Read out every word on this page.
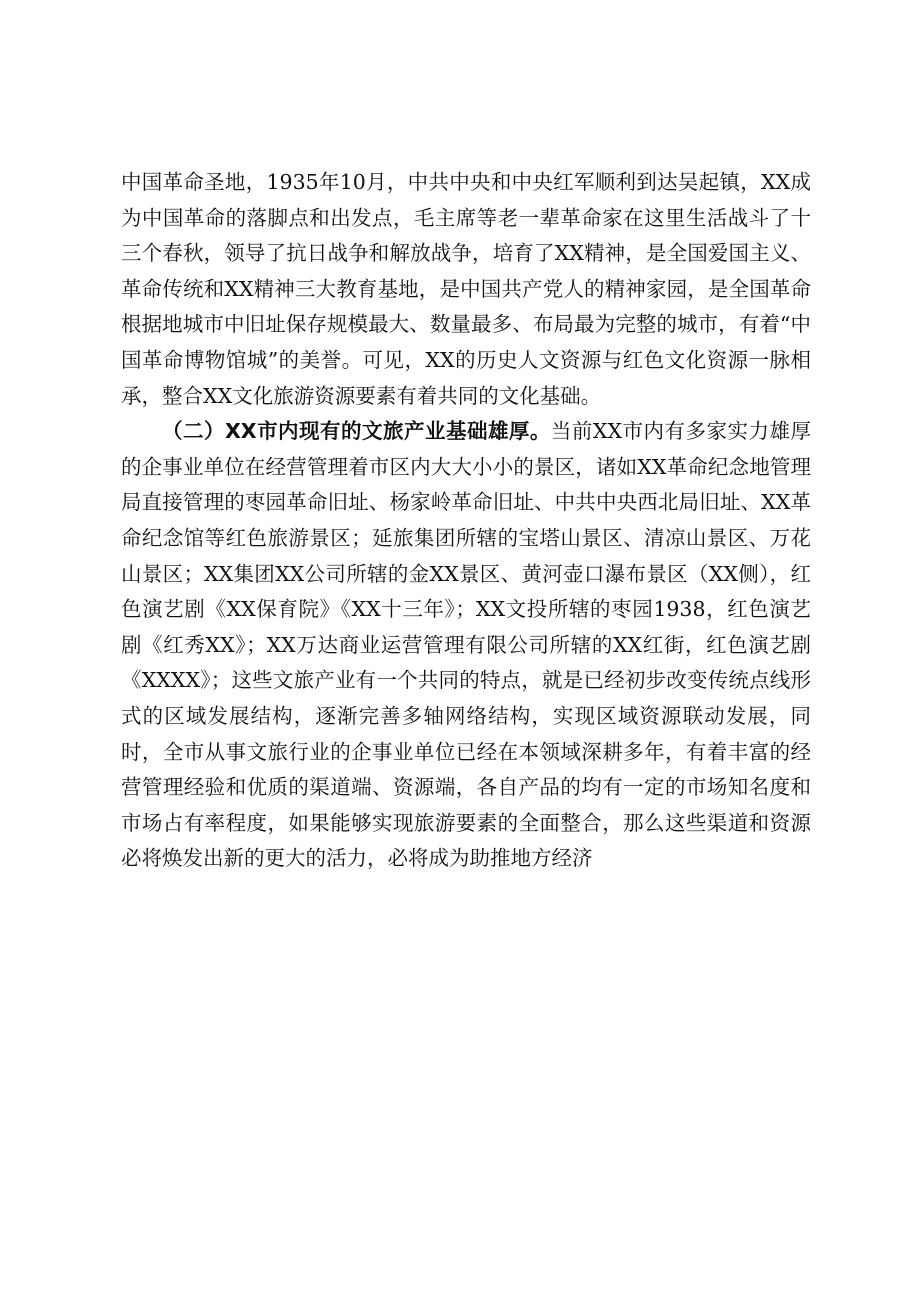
中国革命圣地，1935年10月，中共中央和中央红军顺利到达吴起镇，XX成为中国革命的落脚点和出发点，毛主席等老一辈革命家在这里生活战斗了十三个春秋，领导了抗日战争和解放战争，培育了XX精神，是全国爱国主义、革命传统和XX精神三大教育基地，是中国共产党人的精神家园，是全国革命根据地城市中旧址保存规模最大、数量最多、布局最为完整的城市，有着“中国革命博物馆城”的美誉。可见，XX的历史人文资源与红色文化资源一脉相承，整合XX文化旅游资源要素有着共同的文化基础。

（二）XX市内现有的文旅产业基础雄厚。当前XX市内有多家实力雄厚的企事业单位在经营管理着市区内大大小小的景区，诸如XX革命纪念地管理局直接管理的枣园革命旧址、杨家岭革命旧址、中共中央西北局旧址、XX革命纪念馆等红色旅游景区；延旅集团所辖的宝塔山景区、清凉山景区、万花山景区；XX集团XX公司所辖的金XX景区、黄河壶口瀑布景区（XX侧），红色演艺剧《XX保育院》《XX十三年》；XX文投所辖的枣园1938，红色演艺剧《红秀XX》；XX万达商业运营管理有限公司所辖的XX红街，红色演艺剧《XXXX》；这些文旅产业有一个共同的特点，就是已经初步改变传统点线形式的区域发展结构，逐渐完善多轴网络结构，实现区域资源联动发展，同时，全市从事文旅行业的企事业单位已经在本领域深耕多年，有着丰富的经营管理经验和优质的渠道端、资源端，各自产品的均有一定的市场知名度和市场占有率程度，如果能够实现旅游要素的全面整合，那么这些渠道和资源必将焕发出新的更大的活力，必将成为助推地方经济
